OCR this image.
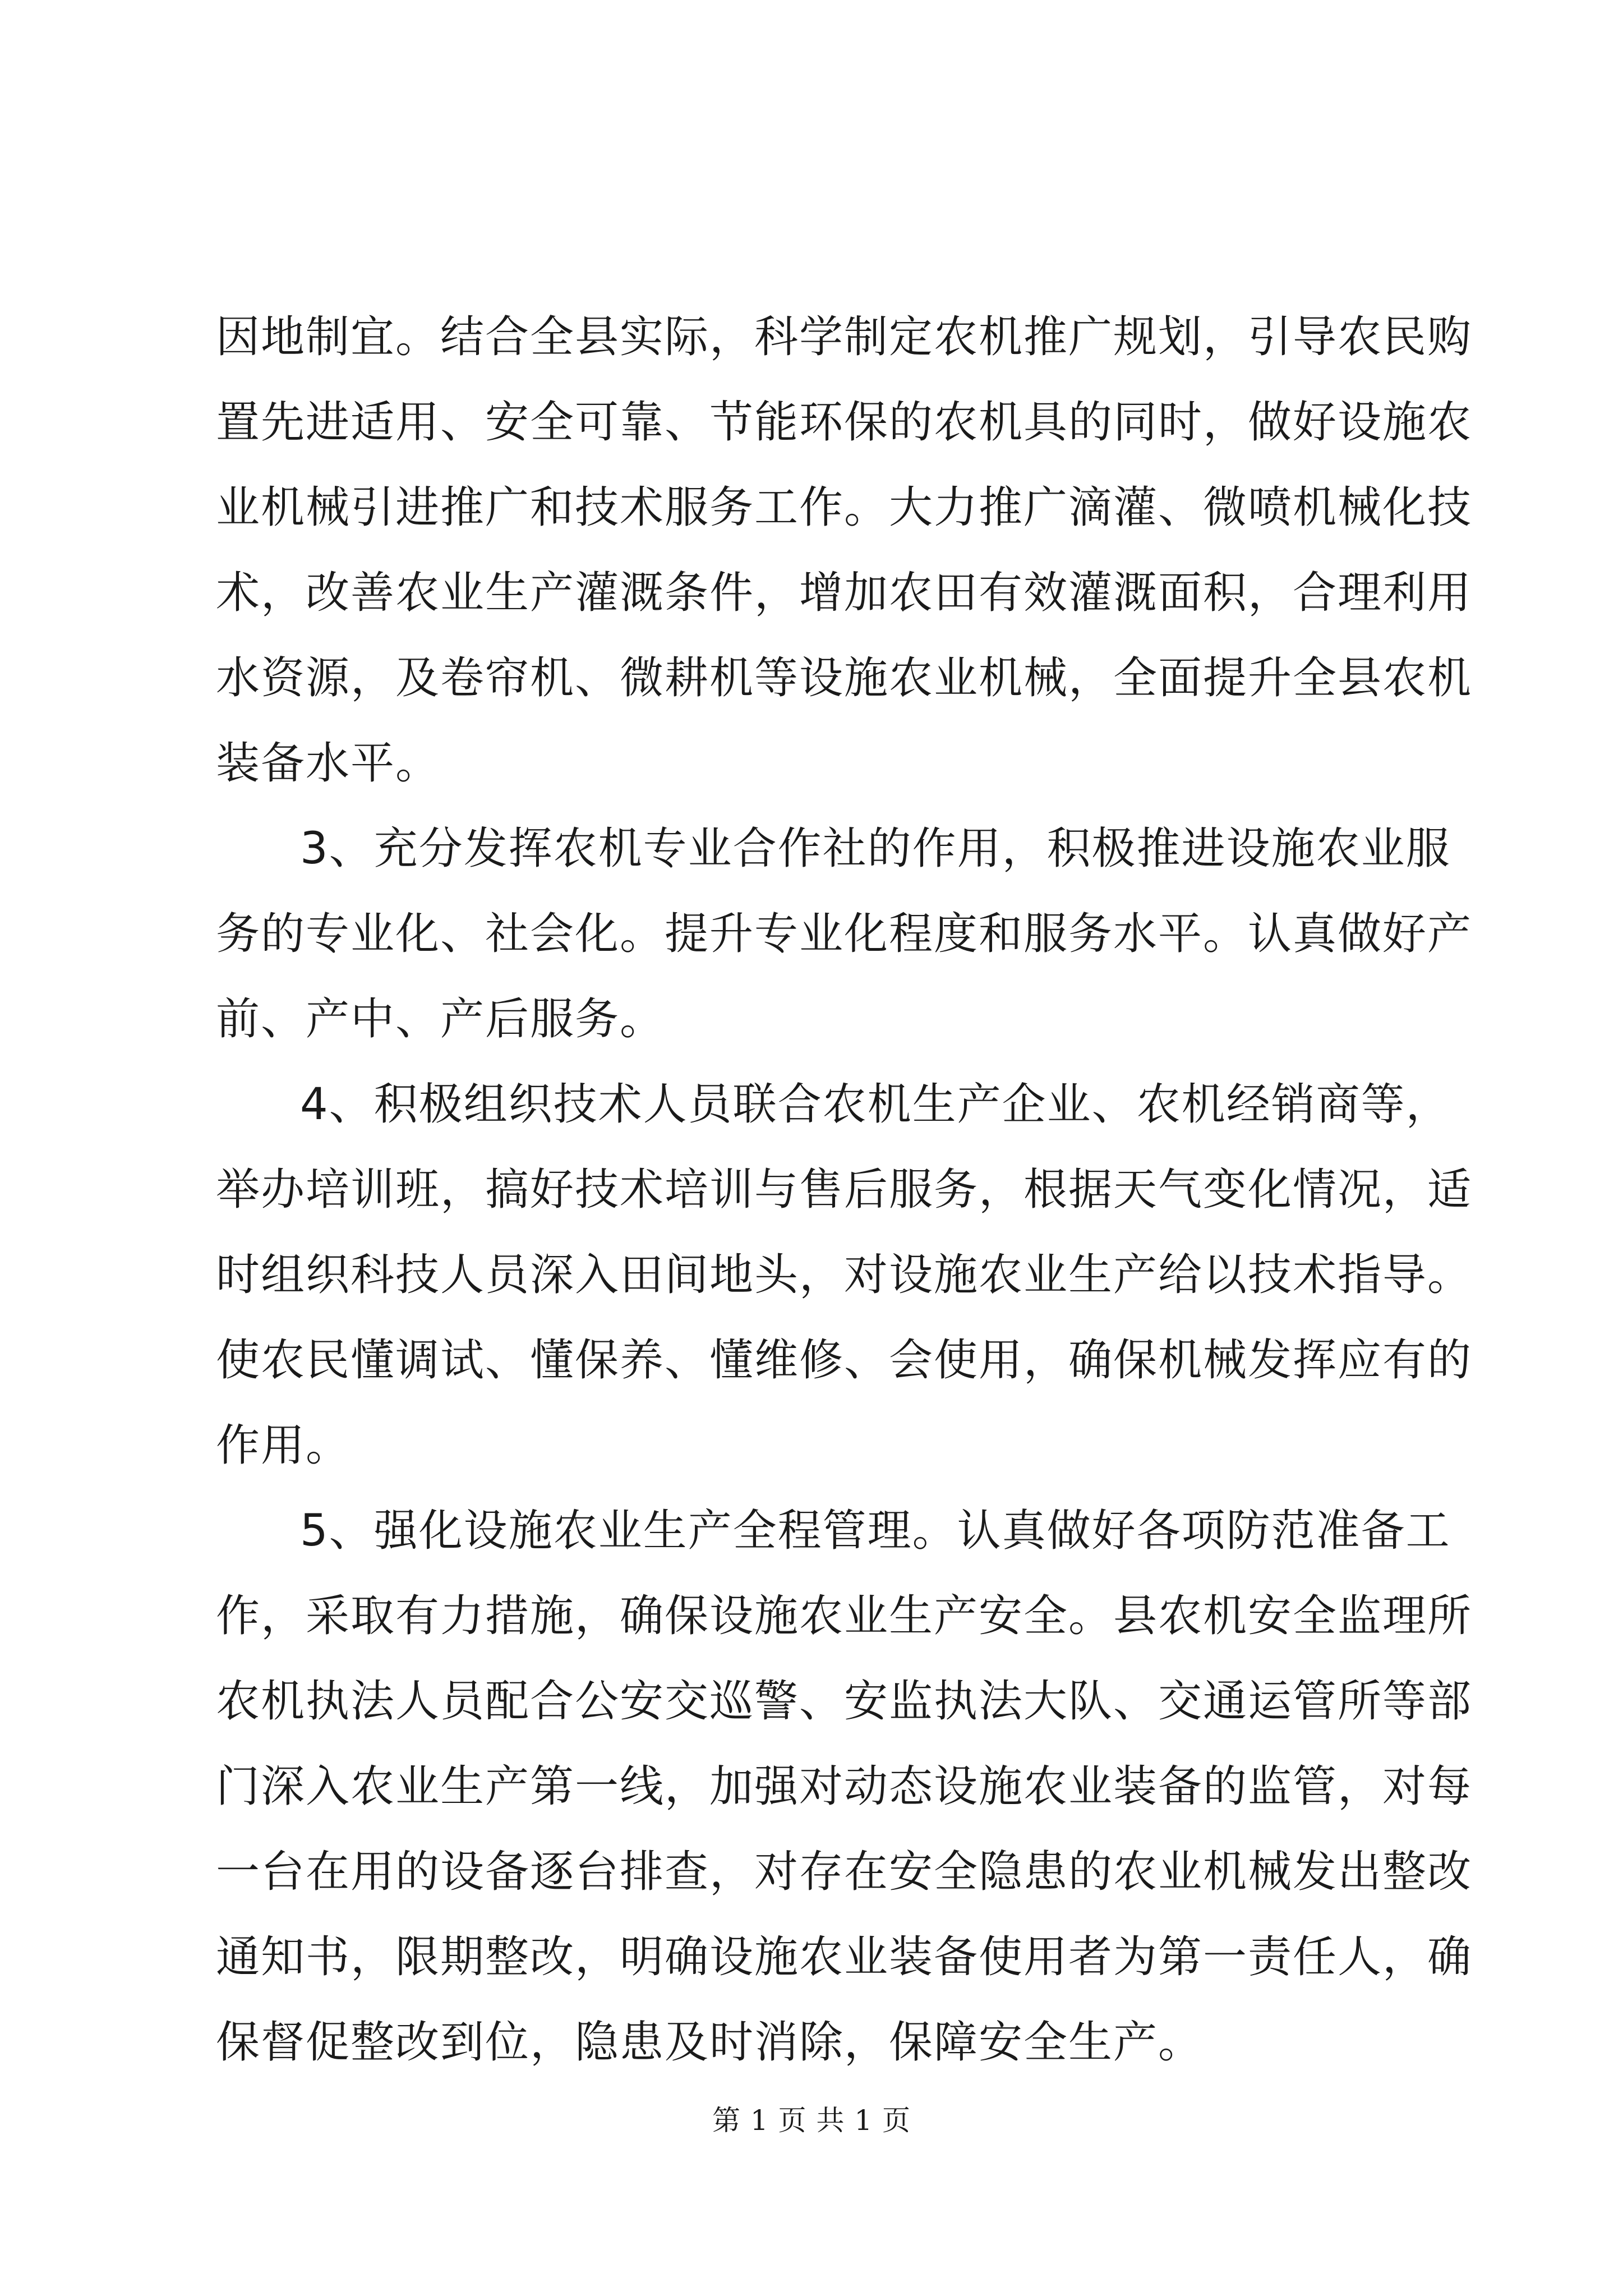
因地制宜。结合全县实际，科学制定农机推广规划，引导农民购
置先进适用、安全可靠、节能环保的农机具的同时，做好设施农
业机械引进推广和技术服务工作。大力推广滴灌、微喷机械化技
术，改善农业生产灌溉条件，增加农田有效灌溉面积，合理利用
水资源，及卷帘机、微耕机等设施农业机械，全面提升全县农机
装备水平。
3、充分发挥农机专业合作社的作用，积极推进设施农业服
务的专业化、社会化。提升专业化程度和服务水平。认真做好产
前、产中、产后服务。
4、积极组织技术人员联合农机生产企业、农机经销商等，
举办培训班，搞好技术培训与售后服务，根据天气变化情况，适
时组织科技人员深入田间地头，对设施农业生产给以技术指导。
使农民懂调试、懂保养、懂维修、会使用，确保机械发挥应有的
作用。
5、强化设施农业生产全程管理。认真做好各项防范准备工
作，采取有力措施，确保设施农业生产安全。县农机安全监理所
农机执法人员配合公安交巡警、安监执法大队、交通运管所等部
门深入农业生产第一线，加强对动态设施农业装备的监管，对每
一台在用的设备逐台排查，对存在安全隐患的农业机械发出整改
通知书，限期整改，明确设施农业装备使用者为第一责任人，确
保督促整改到位，隐患及时消除，保障安全生产。
第 1 页 共 1 页
